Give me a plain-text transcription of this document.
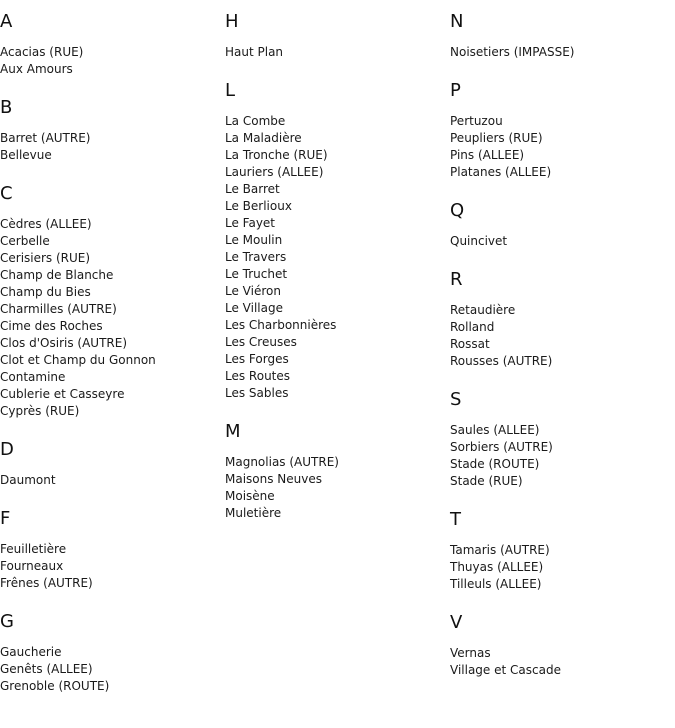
A
Acacias (RUE)
Aux Amours
B
Barret (AUTRE)
Bellevue
C
Cèdres (ALLEE)
Cerbelle
Cerisiers (RUE)
Champ de Blanche
Champ du Bies
Charmilles (AUTRE)
Cime des Roches
Clos d'Osiris (AUTRE)
Clot et Champ du Gonnon
Contamine
Cublerie et Casseyre
Cyprès (RUE)
D
Daumont
F
Feuilletière
Fourneaux
Frênes (AUTRE)
G
Gaucherie
Genêts (ALLEE)
Grenoble (ROUTE)
H
Haut Plan
L
La Combe
La Maladière
La Tronche (RUE)
Lauriers (ALLEE)
Le Barret
Le Berlioux
Le Fayet
Le Moulin
Le Travers
Le Truchet
Le Viéron
Le Village
Les Charbonnières
Les Creuses
Les Forges
Les Routes
Les Sables
M
Magnolias (AUTRE)
Maisons Neuves
Moisène
Muletière
N
Noisetiers (IMPASSE)
P
Pertuzou
Peupliers (RUE)
Pins (ALLEE)
Platanes (ALLEE)
Q
Quincivet
R
Retaudière
Rolland
Rossat
Rousses (AUTRE)
S
Saules (ALLEE)
Sorbiers (AUTRE)
Stade (ROUTE)
Stade (RUE)
T
Tamaris (AUTRE)
Thuyas (ALLEE)
Tilleuls (ALLEE)
V
Vernas
Village et Cascade
